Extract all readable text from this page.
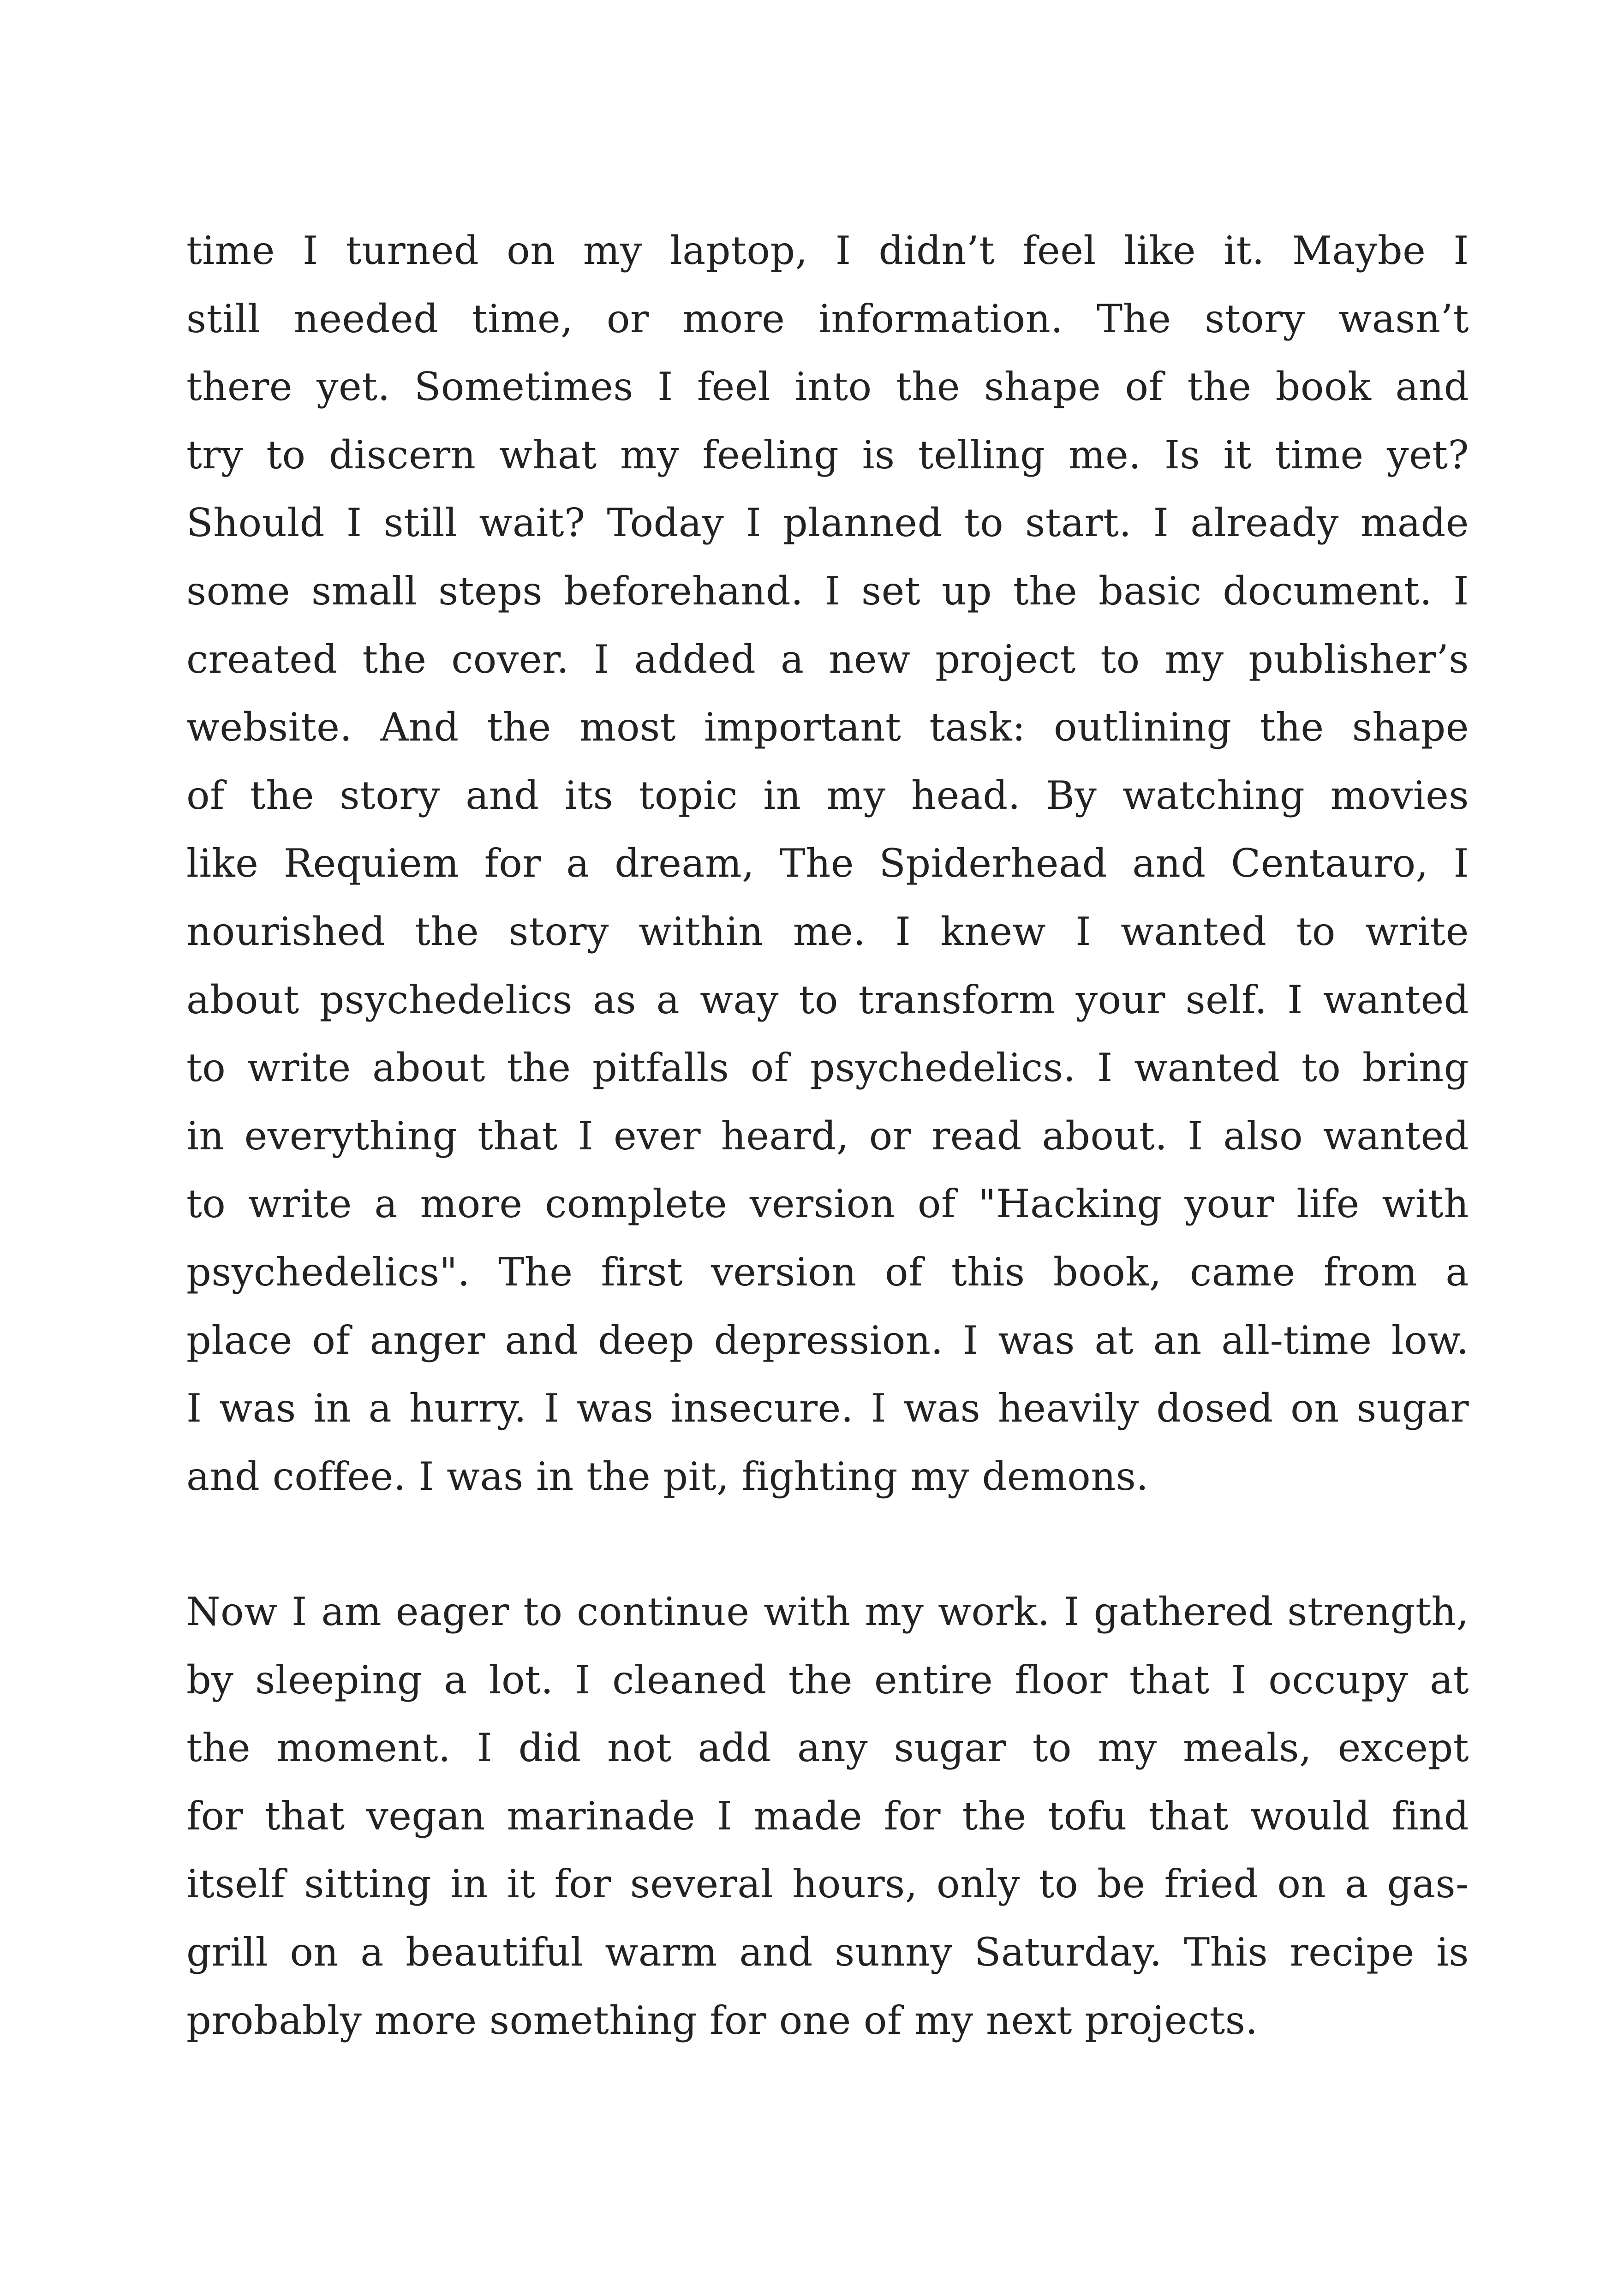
time I turned on my laptop, I didn’t feel like it. Maybe I
still needed time, or more information. The story wasn’t
there yet. Sometimes I feel into the shape of the book and
try to discern what my feeling is telling me. Is it time yet?
Should I still wait? Today I planned to start. I already made
some small steps beforehand. I set up the basic document. I
created the cover. I added a new project to my publisher’s
website. And the most important task: outlining the shape
of the story and its topic in my head. By watching movies
like Requiem for a dream, The Spiderhead and Centauro, I
nourished the story within me. I knew I wanted to write
about psychedelics as a way to transform your self. I wanted
to write about the pitfalls of psychedelics. I wanted to bring
in everything that I ever heard, or read about. I also wanted
to write a more complete version of "Hacking your life with
psychedelics". The first version of this book, came from a
place of anger and deep depression. I was at an all-time low.
I was in a hurry. I was insecure. I was heavily dosed on sugar
and coffee. I was in the pit, fighting my demons.
Now I am eager to continue with my work. I gathered strength,
by sleeping a lot. I cleaned the entire floor that I occupy at
the moment. I did not add any sugar to my meals, except
for that vegan marinade I made for the tofu that would find
itself sitting in it for several hours, only to be fried on a gas-
grill on a beautiful warm and sunny Saturday. This recipe is
probably more something for one of my next projects.
